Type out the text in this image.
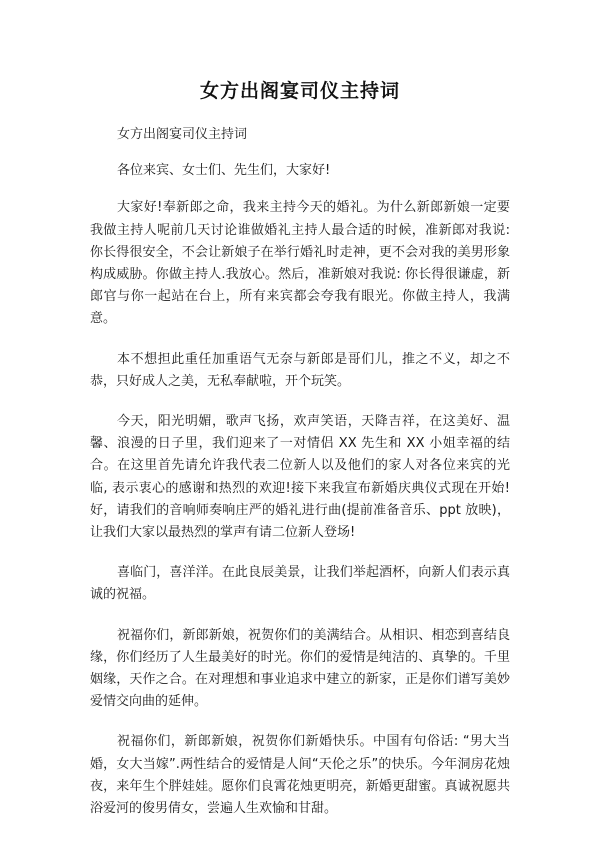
女方出阁宴司仪主持词

女方出阁宴司仪主持词

各位来宾、女士们、先生们，大家好!

大家好!奉新郎之命，我来主持今天的婚礼。为什么新郎新娘一定要我做主持人呢前几天讨论谁做婚礼主持人最合适的时候，准新郎对我说: 你长得很安全，不会让新娘子在举行婚礼时走神，更不会对我的美男形象构成威胁。你做主持人.我放心。然后，准新娘对我说: 你长得很谦虚，新郎官与你一起站在台上，所有来宾都会夸我有眼光。你做主持人，我满意。

本不想担此重任加重语气无奈与新郎是哥们儿，推之不义，却之不恭，只好成人之美，无私奉献啦，开个玩笑。

今天，阳光明媚，歌声飞扬，欢声笑语，天降吉祥，在这美好、温馨、浪漫的日子里，我们迎来了一对情侣 XX 先生和 XX 小姐幸福的结合。在这里首先请允许我代表二位新人以及他们的家人对各位来宾的光临, 表示衷心的感谢和热烈的欢迎!接下来我宣布新婚庆典仪式现在开始!好，请我们的音响师奏响庄严的婚礼进行曲(提前准备音乐、ppt 放映)，让我们大家以最热烈的掌声有请二位新人登场!

喜临门，喜洋洋。在此良辰美景，让我们举起酒杯，向新人们表示真诚的祝福。

祝福你们，新郎新娘，祝贺你们的美满结合。从相识、相恋到喜结良缘，你们经历了人生最美好的时光。你们的爱情是纯洁的、真挚的。千里姻缘，天作之合。在对理想和事业追求中建立的新家，正是你们谱写美妙爱情交向曲的延伸。

祝福你们，新郎新娘，祝贺你们新婚快乐。中国有句俗话: “男大当婚，女大当嫁”.两性结合的爱情是人间“天伦之乐”的快乐。今年洞房花烛夜，来年生个胖娃娃。愿你们良霄花烛更明亮，新婚更甜蜜。真诚祝愿共浴爱河的俊男倩女，尝遍人生欢愉和甘甜。
